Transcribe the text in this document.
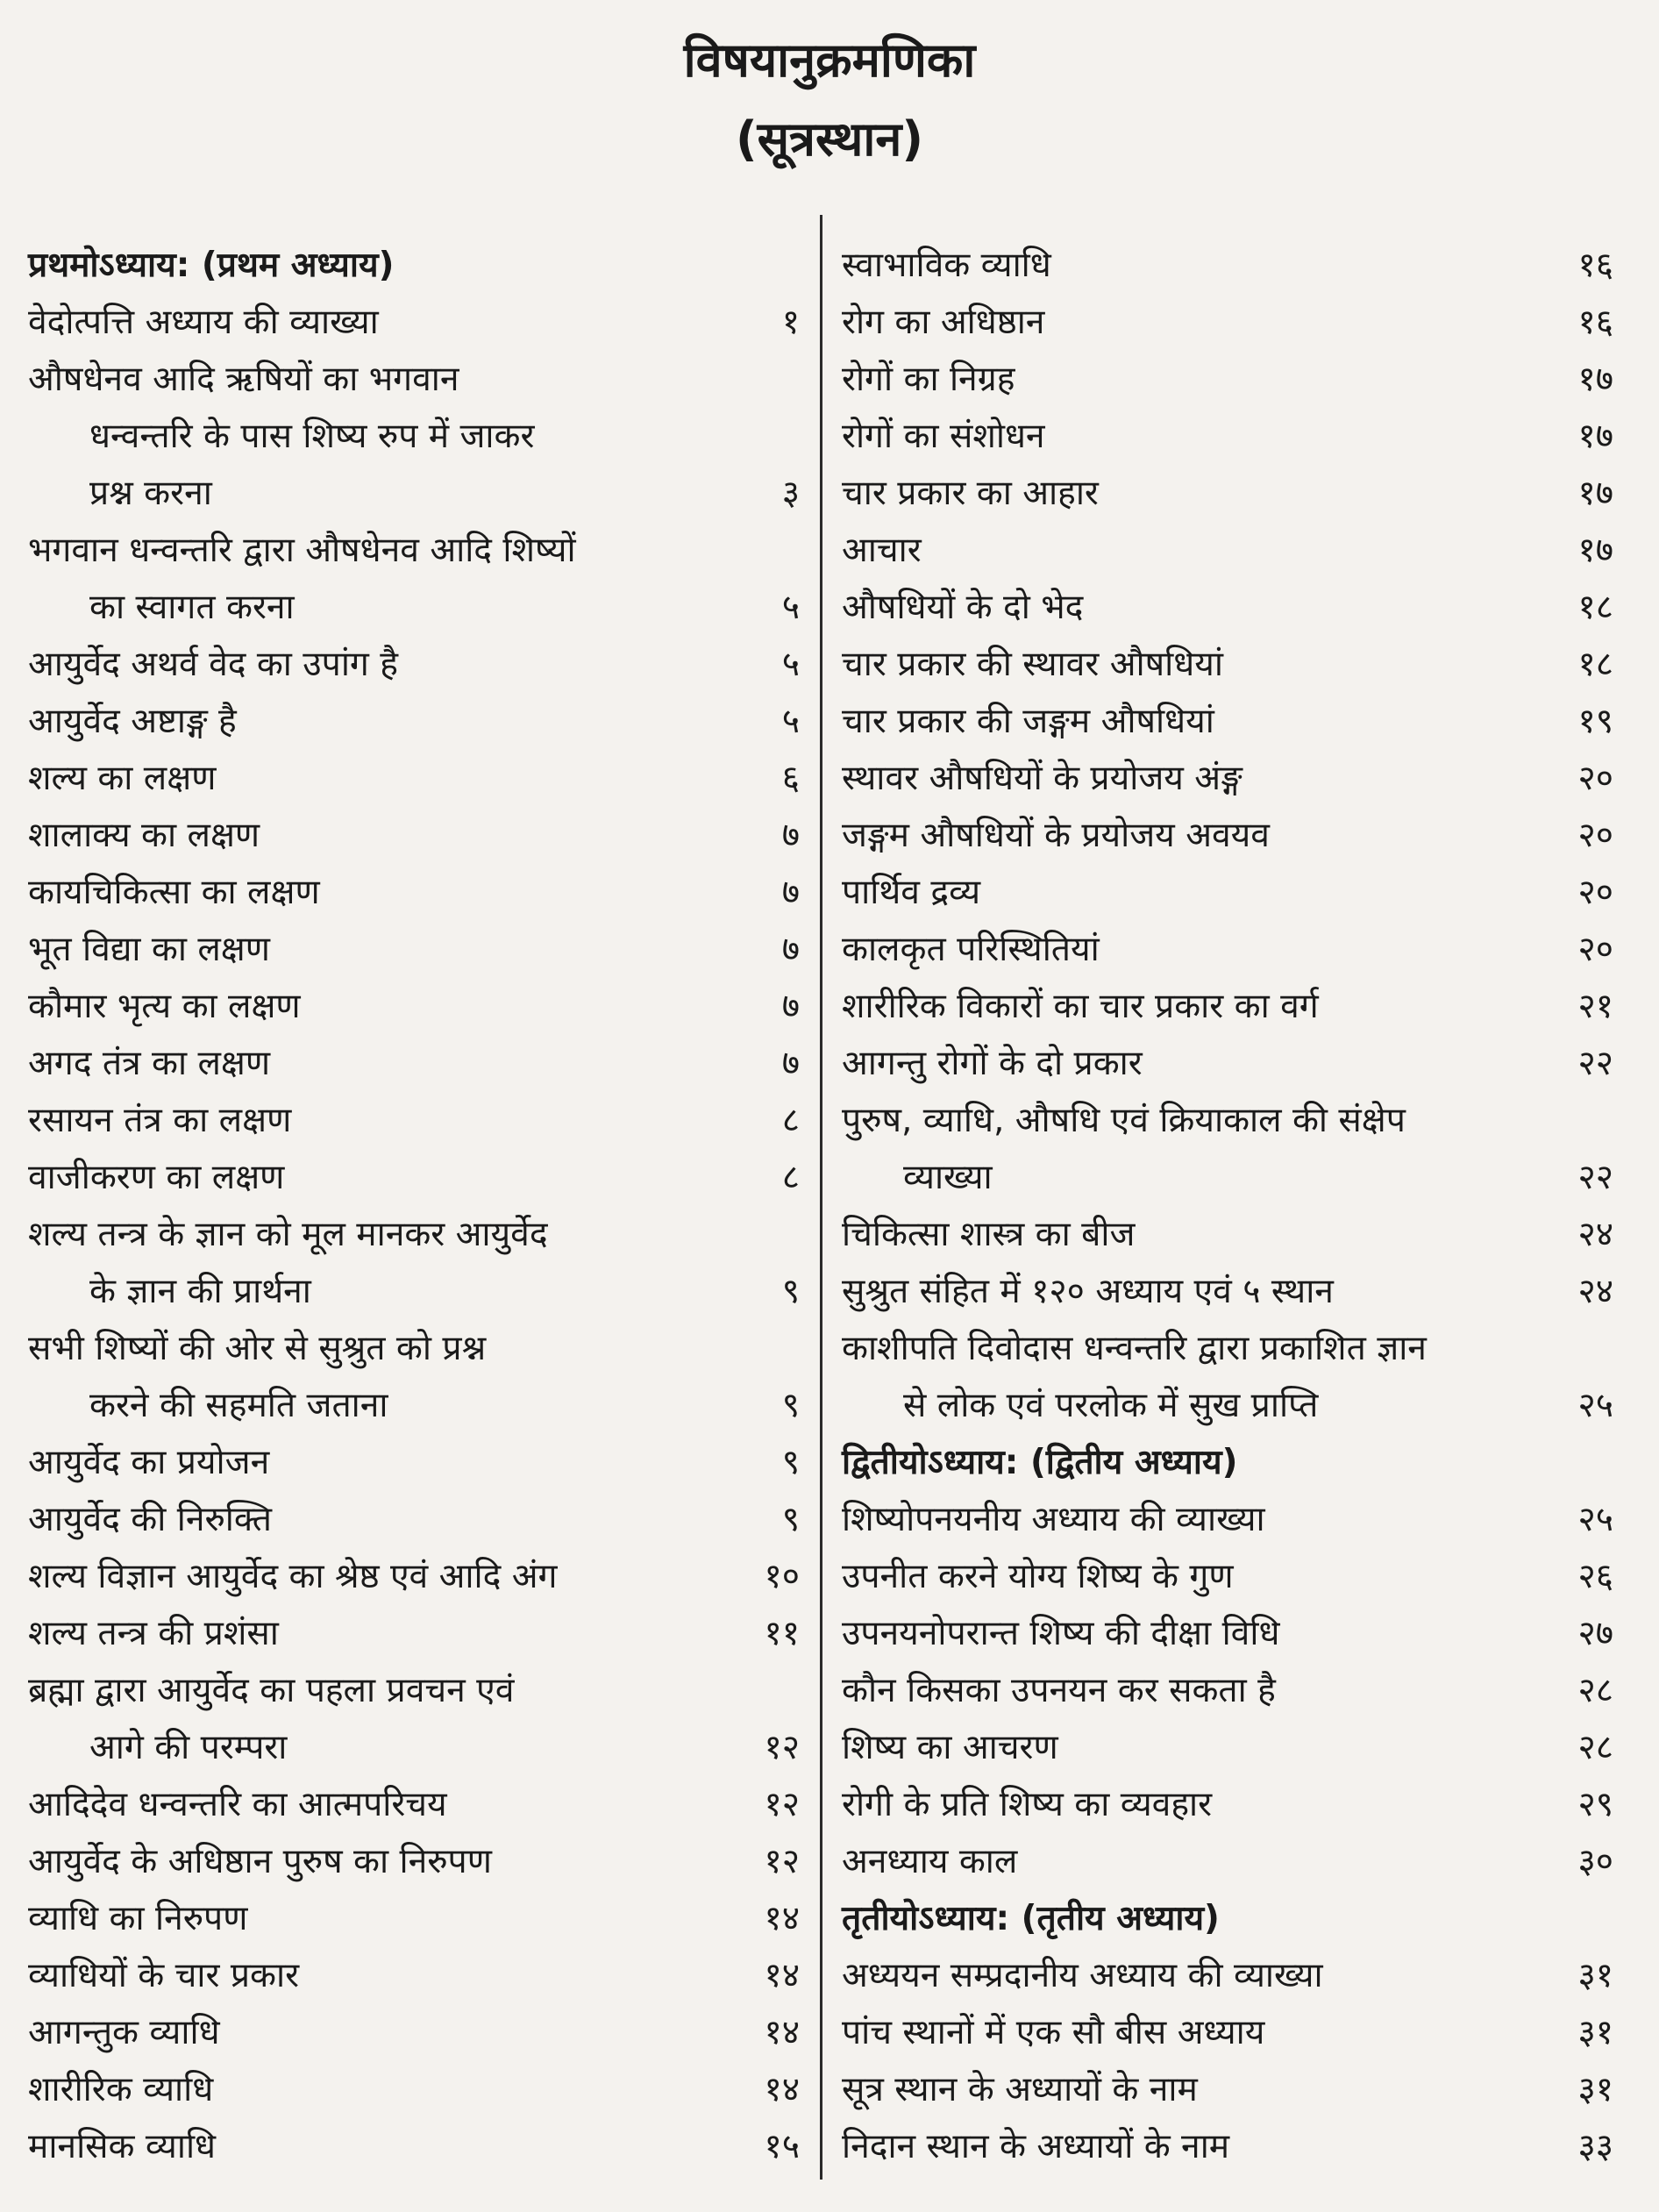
विषयानुक्रमणिका
(सूत्रस्थान)
प्रथमोऽध्याय: (प्रथम अध्याय)
वेदोत्पत्ति अध्याय की व्याख्या	१
औषधेनव आदि ऋषियों का भगवान
धन्वन्तरि के पास शिष्य रुप में जाकर
प्रश्न करना	३
भगवान धन्वन्तरि द्वारा औषधेनव आदि शिष्यों
का स्वागत करना	५
आयुर्वेद अथर्व वेद का उपांग है	५
आयुर्वेद अष्टाङ्ग है	५
शल्य का लक्षण	६
शालाक्य का लक्षण	७
कायचिकित्सा का लक्षण	७
भूत विद्या का लक्षण	७
कौमार भृत्य का लक्षण	७
अगद तंत्र का लक्षण	७
रसायन तंत्र का लक्षण	८
वाजीकरण का लक्षण	८
शल्य तन्त्र के ज्ञान को मूल मानकर आयुर्वेद
के ज्ञान की प्रार्थना	९
सभी शिष्यों की ओर से सुश्रुत को प्रश्न
करने की सहमति जताना	९
आयुर्वेद का प्रयोजन	९
आयुर्वेद की निरुक्ति	९
शल्य विज्ञान आयुर्वेद का श्रेष्ठ एवं आदि अंग	१०
शल्य तन्त्र की प्रशंसा	११
ब्रह्मा द्वारा आयुर्वेद का पहला प्रवचन एवं
आगे की परम्परा	१२
आदिदेव धन्वन्तरि का आत्मपरिचय	१२
आयुर्वेद के अधिष्ठान पुरुष का निरुपण	१२
व्याधि का निरुपण	१४
व्याधियों के चार प्रकार	१४
आगन्तुक व्याधि	१४
शारीरिक व्याधि	१४
मानसिक व्याधि	१५
स्वाभाविक व्याधि	१६
रोग का अधिष्ठान	१६
रोगों का निग्रह	१७
रोगों का संशोधन	१७
चार प्रकार का आहार	१७
आचार	१७
औषधियों के दो भेद	१८
चार प्रकार की स्थावर औषधियां	१८
चार प्रकार की जङ्गम औषधियां	१९
स्थावर औषधियों के प्रयोजय अंङ्ग	२०
जङ्गम औषधियों के प्रयोजय अवयव	२०
पार्थिव द्रव्य	२०
कालकृत परिस्थितियां	२०
शारीरिक विकारों का चार प्रकार का वर्ग	२१
आगन्तु रोगों के दो प्रकार	२२
पुरुष, व्याधि, औषधि एवं क्रियाकाल की संक्षेप
व्याख्या	२२
चिकित्सा शास्त्र का बीज	२४
सुश्रुत संहित में १२० अध्याय एवं ५ स्थान	२४
काशीपति दिवोदास धन्वन्तरि द्वारा प्रकाशित ज्ञान
से लोक एवं परलोक में सुख प्राप्ति	२५
द्वितीयोऽध्याय: (द्वितीय अध्याय)
शिष्योपनयनीय अध्याय की व्याख्या	२५
उपनीत करने योग्य शिष्य के गुण	२६
उपनयनोपरान्त शिष्य की दीक्षा विधि	२७
कौन किसका उपनयन कर सकता है	२८
शिष्य का आचरण	२८
रोगी के प्रति शिष्य का व्यवहार	२९
अनध्याय काल	३०
तृतीयोऽध्याय: (तृतीय अध्याय)
अध्ययन सम्प्रदानीय अध्याय की व्याख्या	३१
पांच स्थानों में एक सौ बीस अध्याय	३१
सूत्र स्थान के अध्यायों के नाम	३१
निदान स्थान के अध्यायों के नाम	३३
